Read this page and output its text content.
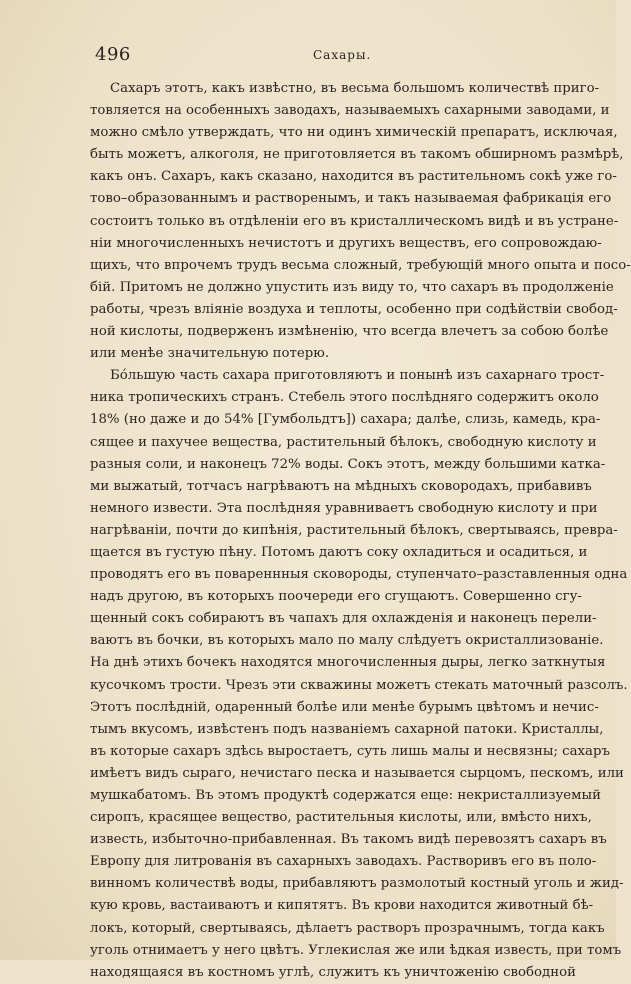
496	Сахары.
Сахаръ этотъ, какъ извѣстно, въ весьма большомъ количествѣ приго-
товляется на особенныхъ заводахъ, называемыхъ сахарными заводами, и
можно смѣло утверждать, что ни одинъ химическій препаратъ, исключая,
быть можетъ, алкоголя, не приготовляется въ такомъ обширномъ размѣрѣ,
какъ онъ. Сахаръ, какъ сказано, находится въ растительномъ сокѣ уже го-
тово–образованнымъ и растворенымъ, и такъ называемая фабрикація его
состоитъ только въ отдѣленіи его въ кристаллическомъ видѣ и въ устране-
ніи многочисленныхъ нечистотъ и другихъ веществъ, его сопровождаю-
щихъ, что впрочемъ трудъ весьма сложный, требующій много опыта и посо-
бій. Притомъ не должно упустить изъ виду то, что сахаръ въ продолженіе
работы, чрезъ вліяніе воздуха и теплоты, особенно при содѣйствіи свобод-
ной кислоты, подверженъ измѣненію, что всегда влечетъ за собою болѣе
или менѣе значительную потерю.
Бо́льшую часть сахара приготовляютъ и понынѣ изъ сахарнаго трост-
ника тропическихъ странъ. Стебель этого послѣдняго содержитъ около
18% (но даже и до 54% [Гумбольдтъ]) сахара; далѣе, слизь, камедь, кра-
сящее и пахучее вещества, растительный бѣлокъ, свободную кислоту и
разныя соли, и наконецъ 72% воды. Сокъ этотъ, между большими катка-
ми выжатый, тотчасъ нагрѣваютъ на мѣдныхъ сковородахъ, прибавивъ
немного извести. Эта послѣдняя уравниваетъ свободную кислоту и при
нагрѣваніи, почти до кипѣнія, растительный бѣлокъ, свертываясь, превра-
щается въ густую пѣну. Потомъ даютъ соку охладиться и осадиться, и
проводятъ его въ повареннныя сковороды, ступенчато–разставленныя одна
надъ другою, въ которыхъ поочереди его сгущаютъ. Совершенно сгу-
щенный сокъ собираютъ въ чапахъ для охлажденія и наконецъ перели-
ваютъ въ бочки, въ которыхъ мало по малу слѣдуетъ окристаллизованіе.
На днѣ этихъ бочекъ находятся многочисленныя дыры, легко заткнутыя
кусочкомъ трости. Чрезъ эти скважины можетъ стекать маточный разсолъ.
Этотъ послѣдній, одаренный болѣе или менѣе бурымъ цвѣтомъ и нечис-
тымъ вкусомъ, извѣстенъ подъ названіемъ сахарной патоки. Кристаллы,
въ которые сахаръ здѣсь выростаетъ, суть лишь малы и несвязны; сахаръ
имѣетъ видъ сыраго, нечистаго песка и называется сырцомъ, пескомъ, или
мушкабатомъ. Въ этомъ продуктѣ содержатся еще: некристаллизуемый
сиропъ, красящее вещество, растительныя кислоты, или, вмѣсто нихъ,
известь, избыточно-прибавленная. Въ такомъ видѣ перевозятъ сахаръ въ
Европу для литрованія въ сахарныхъ заводахъ. Растворивъ его въ поло-
винномъ количествѣ воды, прибавляютъ размолотый костный уголь и жид-
кую кровь, вастаиваютъ и кипятятъ. Въ крови находится животный бѣ-
локъ, который, свертываясь, дѣлаетъ растворъ прозрачнымъ, тогда какъ
уголь отнимаетъ у него цвѣтъ. Углекислая же или ѣдкая известь, при томъ
находящаяся въ костномъ углѣ, служитъ къ уничтоженію свободной
